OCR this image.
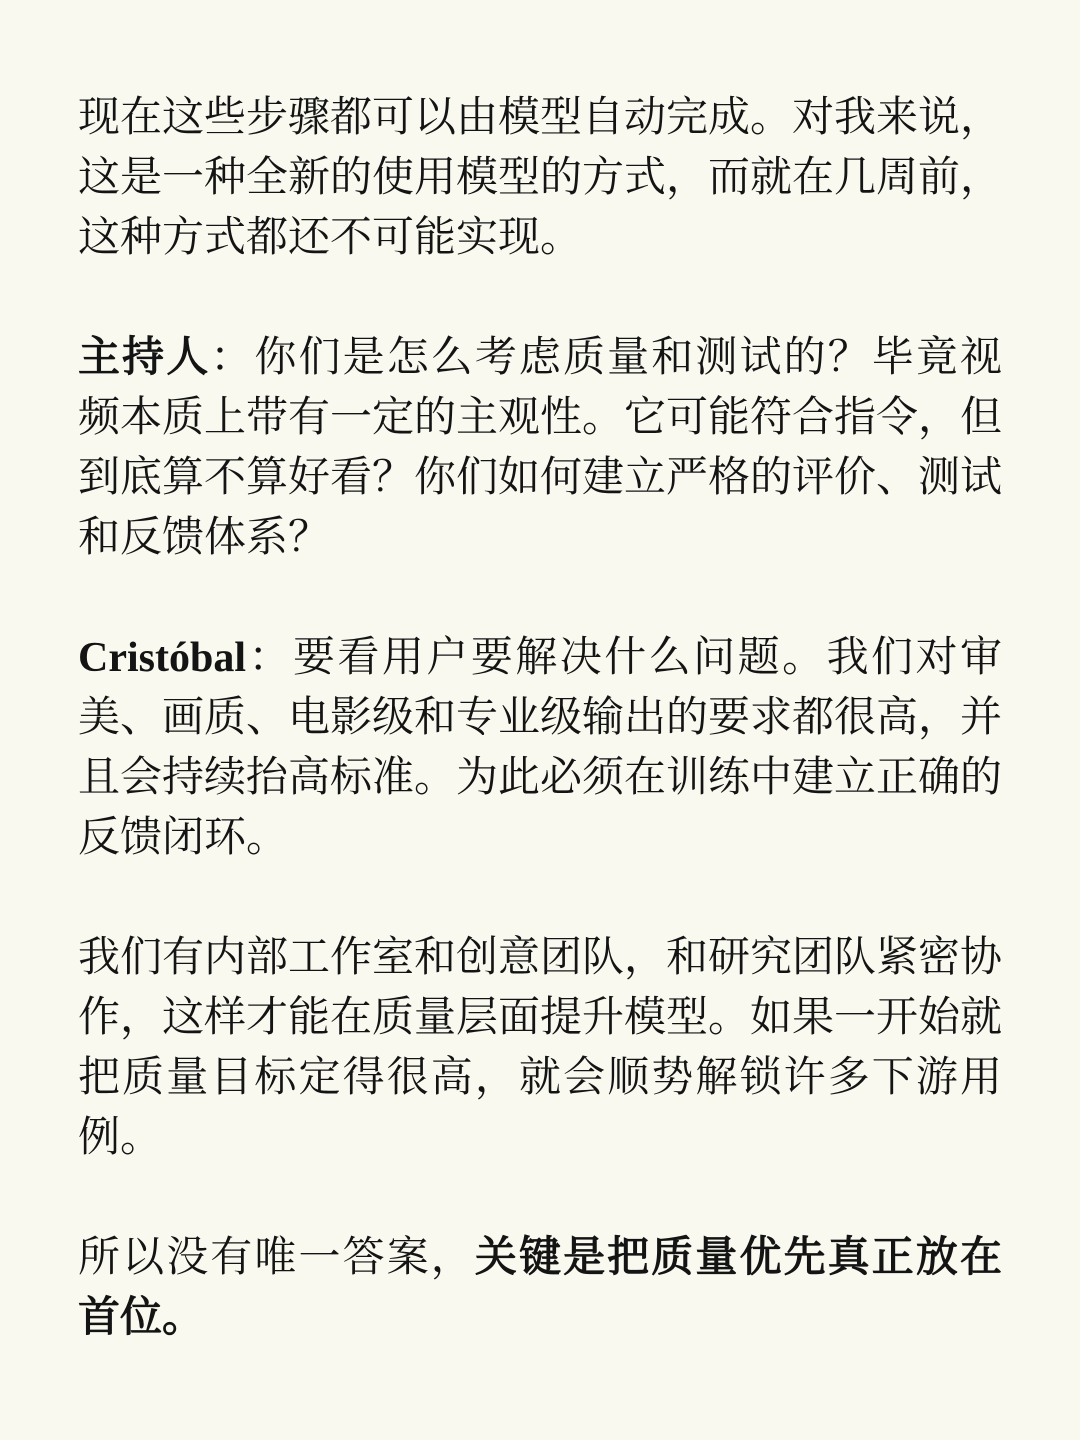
现在这些步骤都可以由模型自动完成。对我来说，这是一种全新的使用模型的方式，而就在几周前，这种方式都还不可能实现。

主持人：你们是怎么考虑质量和测试的？毕竟视频本质上带有一定的主观性。它可能符合指令，但到底算不算好看？你们如何建立严格的评价、测试和反馈体系？

Cristóbal：要看用户要解决什么问题。我们对审美、画质、电影级和专业级输出的要求都很高，并且会持续抬高标准。为此必须在训练中建立正确的反馈闭环。

我们有内部工作室和创意团队，和研究团队紧密协作，这样才能在质量层面提升模型。如果一开始就把质量目标定得很高，就会顺势解锁许多下游用例。

所以没有唯一答案，关键是把质量优先真正放在首位。
